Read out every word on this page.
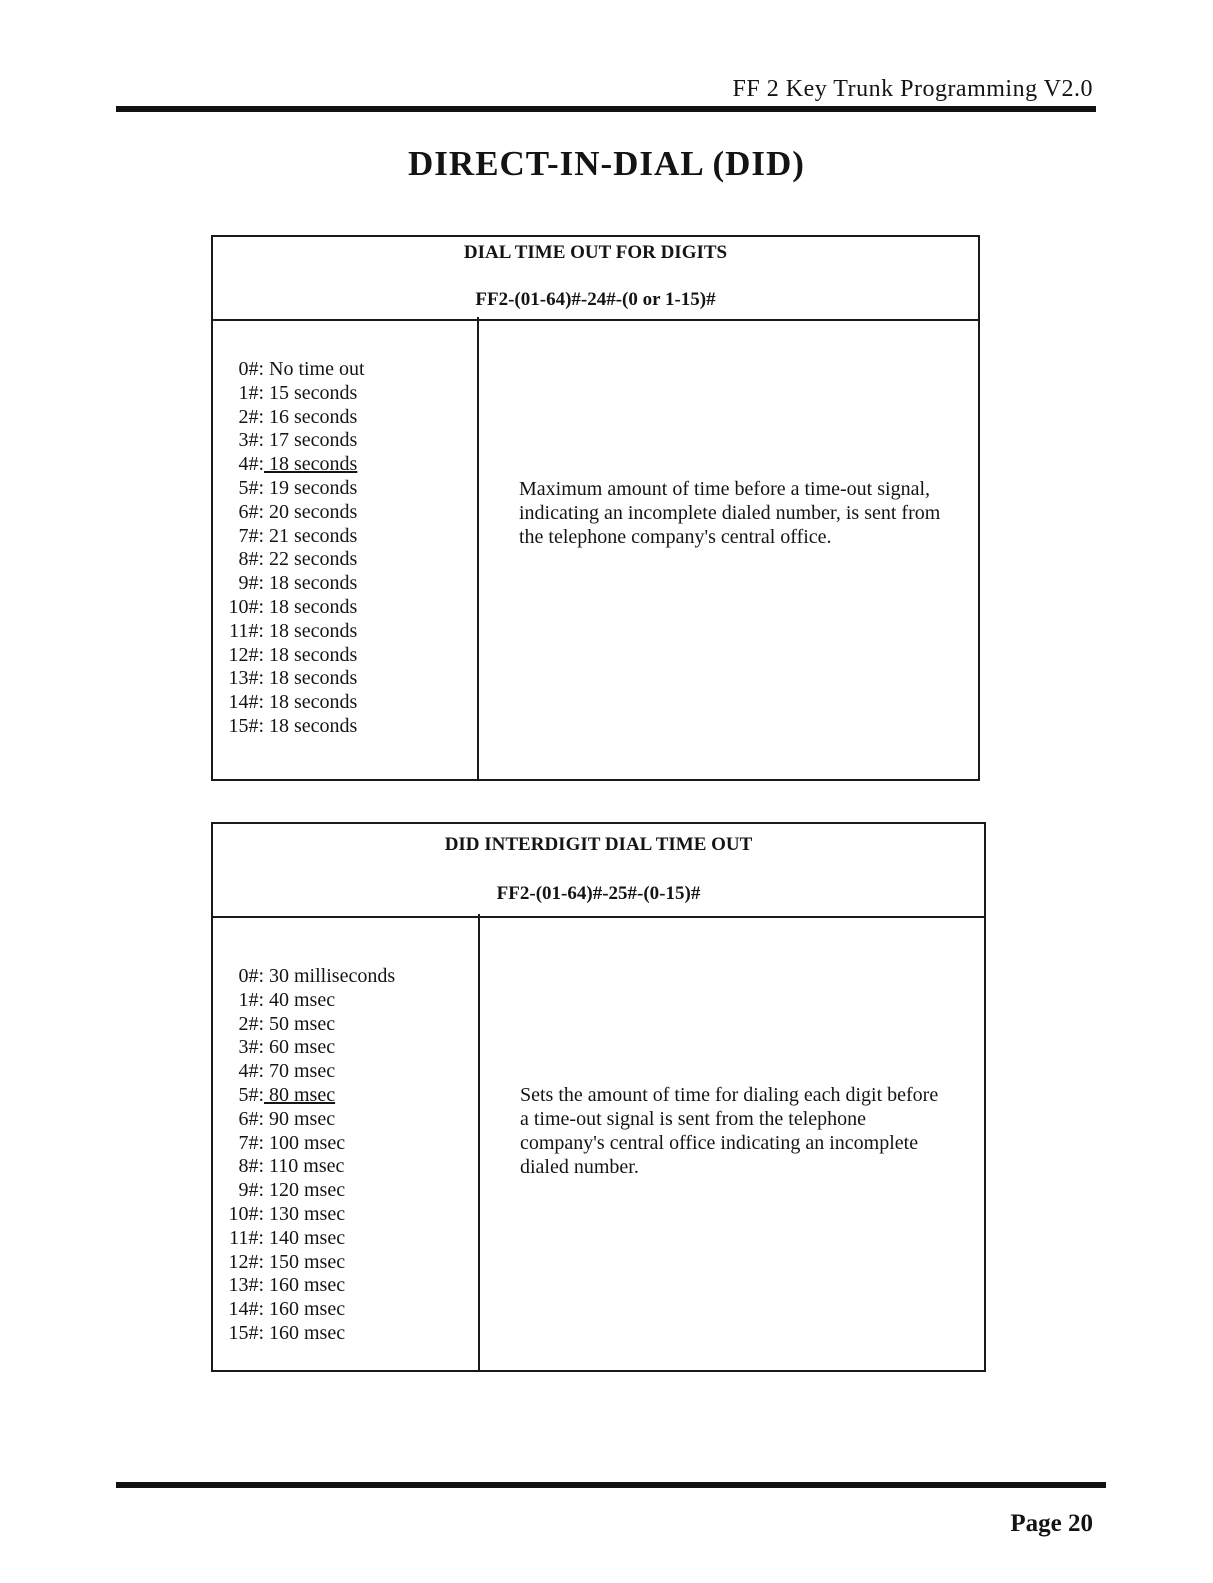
FF 2 Key Trunk Programming V2.0
DIRECT-IN-DIAL (DID)
DIAL TIME OUT FOR DIGITS
FF2-(01-64)#-24#-(0 or 1-15)#
0#: No time out
1#: 15 seconds
2#: 16 seconds
3#: 17 seconds
4#: 18 seconds
5#: 19 seconds
6#: 20 seconds
7#: 21 seconds
8#: 22 seconds
9#: 18 seconds
10#: 18 seconds
11#: 18 seconds
12#: 18 seconds
13#: 18 seconds
14#: 18 seconds
15#: 18 seconds
Maximum amount of time before a time-out signal, indicating an incomplete dialed number, is sent from the telephone company's central office.
DID INTERDIGIT DIAL TIME OUT
FF2-(01-64)#-25#-(0-15)#
0#: 30 milliseconds
1#: 40 msec
2#: 50 msec
3#: 60 msec
4#: 70 msec
5#: 80 msec
6#: 90 msec
7#: 100 msec
8#: 110 msec
9#: 120 msec
10#: 130 msec
11#: 140 msec
12#: 150 msec
13#: 160 msec
14#: 160 msec
15#: 160 msec
Sets the amount of time for dialing each digit before a time-out signal is sent from the telephone company's central office indicating an incomplete dialed number.
Page 20
